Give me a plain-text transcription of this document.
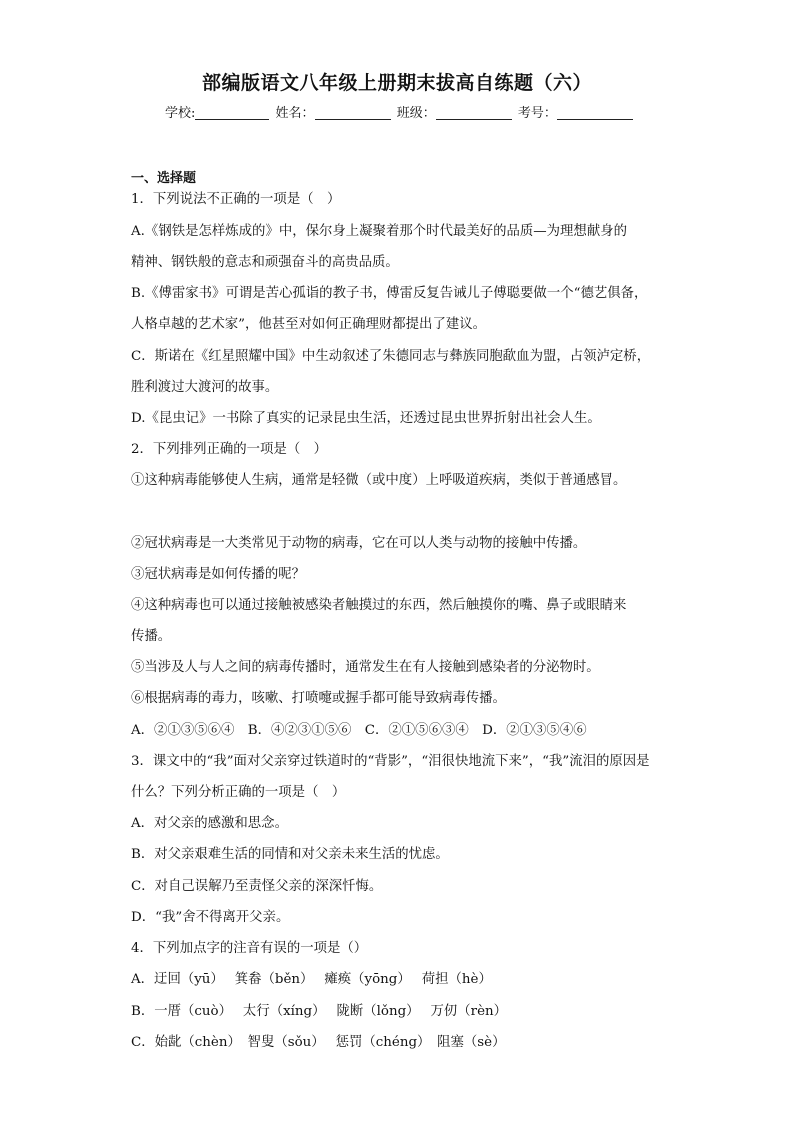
部编版语文八年级上册期末拔高自练题（六）
学校:	姓名：	班级：	考号：
一、选择题
1．下列说法不正确的一项是（　）
A.《钢铁是怎样炼成的》中，保尔身上凝聚着那个时代最美好的品质—为理想献身的
精神、钢铁般的意志和顽强奋斗的高贵品质。
B.《傅雷家书》可谓是苦心孤诣的教子书，傅雷反复告诫儿子傅聪要做一个“德艺俱备，
人格卓越的艺术家”，他甚至对如何正确理财都提出了建议。
C．斯诺在《红星照耀中国》中生动叙述了朱德同志与彝族同胞歃血为盟，占领泸定桥，
胜利渡过大渡河的故事。
D.《昆虫记》一书除了真实的记录昆虫生活，还透过昆虫世界折射出社会人生。
2．下列排列正确的一项是（　）
①这种病毒能够使人生病，通常是轻微（或中度）上呼吸道疾病，类似于普通感冒。
②冠状病毒是一大类常见于动物的病毒，它在可以人类与动物的接触中传播。
③冠状病毒是如何传播的呢？
④这种病毒也可以通过接触被感染者触摸过的东西，然后触摸你的嘴、鼻子或眼睛来
传播。
⑤当涉及人与人之间的病毒传播时，通常发生在有人接触到感染者的分泌物时。
⑥根据病毒的毒力，咳嗽、打喷嚏或握手都可能导致病毒传播。
A．②①③⑤⑥④　B．④②③①⑤⑥　C．②①⑤⑥③④　D．②①③⑤④⑥
3．课文中的“我”面对父亲穿过铁道时的“背影”，“泪很快地流下来”，“我”流泪的原因是
什么？下列分析正确的一项是（　）
A．对父亲的感激和思念。
B．对父亲艰难生活的同情和对父亲未来生活的忧虑。
C．对自己误解乃至责怪父亲的深深忏悔。
D．“我”舍不得离开父亲。
4．下列加点字的注音有误的一项是（）
A．迂回（yū）　 箕畚（běn）　 瘫痪（yōng）　 荷担（hè）
B．一厝（cuò）　 太行（xíng）　 陇断（lǒng）　 万仞（rèn）
C．始龀（chèn）　智叟（sǒu）　 惩罚（chéng）　阻塞（sè）
